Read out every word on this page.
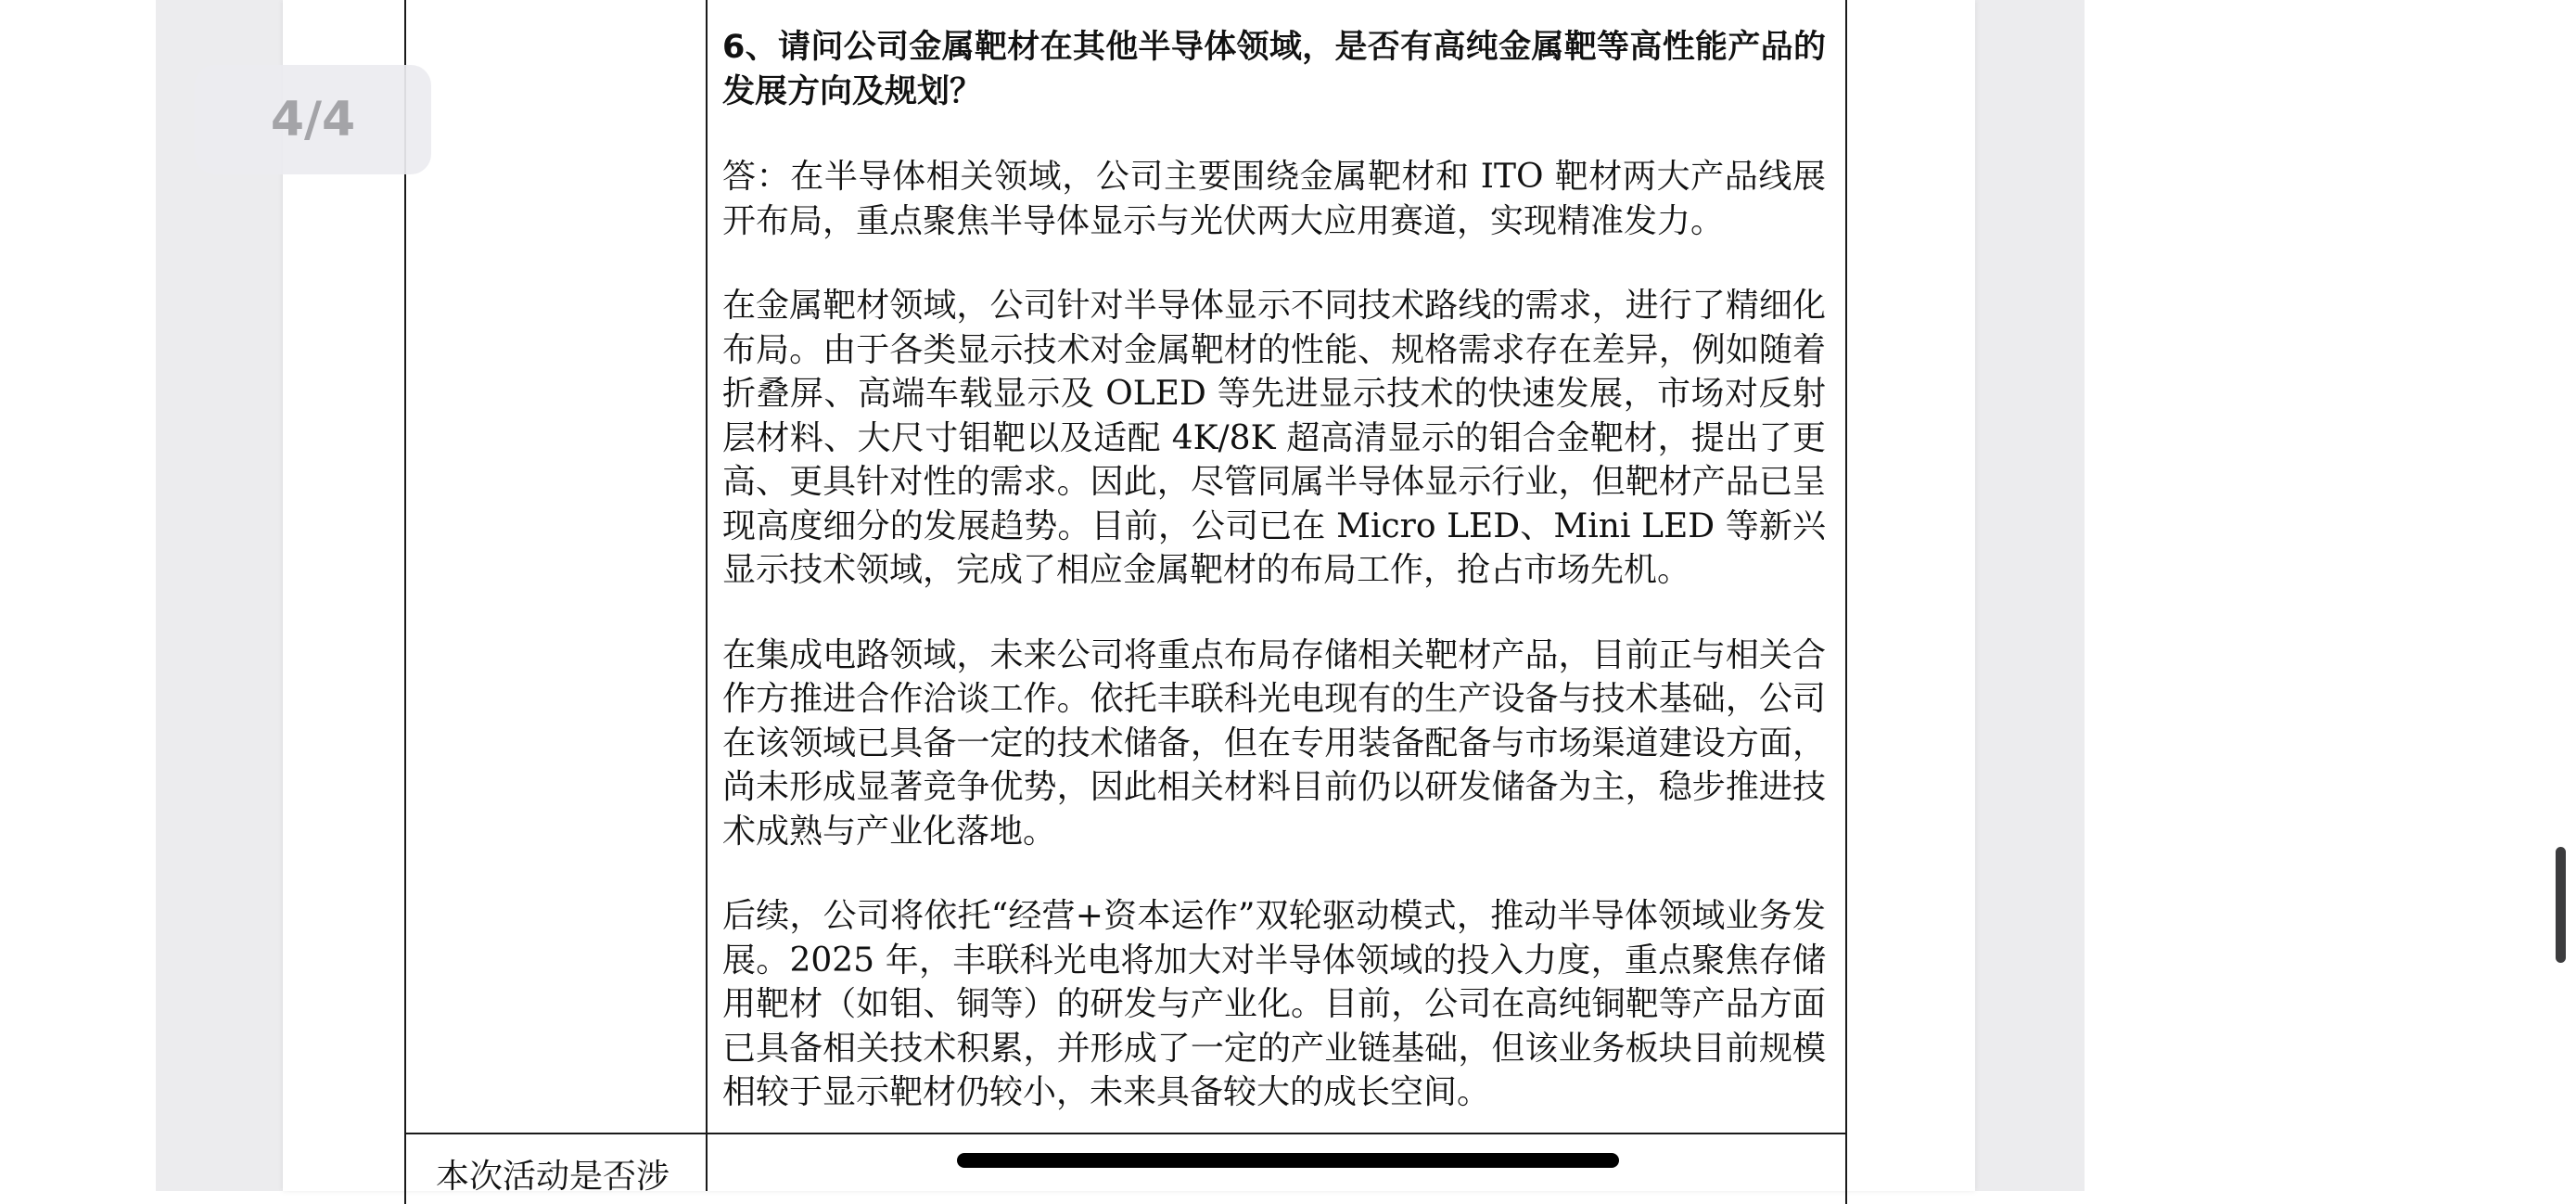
6、请问公司金属靶材在其他半导体领域，是否有高纯金属靶等高性能产品的发展方向及规划？

答：在半导体相关领域，公司主要围绕金属靶材和 ITO 靶材两大产品线展开布局，重点聚焦半导体显示与光伏两大应用赛道，实现精准发力。

在金属靶材领域，公司针对半导体显示不同技术路线的需求，进行了精细化布局。由于各类显示技术对金属靶材的性能、规格需求存在差异，例如随着折叠屏、高端车载显示及 OLED 等先进显示技术的快速发展，市场对反射层材料、大尺寸钼靶以及适配 4K/8K 超高清显示的钼合金靶材，提出了更高、更具针对性的需求。因此，尽管同属半导体显示行业，但靶材产品已呈现高度细分的发展趋势。目前，公司已在 Micro LED、Mini LED 等新兴显示技术领域，完成了相应金属靶材的布局工作，抢占市场先机。

在集成电路领域，未来公司将重点布局存储相关靶材产品，目前正与相关合作方推进合作洽谈工作。依托丰联科光电现有的生产设备与技术基础，公司在该领域已具备一定的技术储备，但在专用装备配备与市场渠道建设方面，尚未形成显著竞争优势，因此相关材料目前仍以研发储备为主，稳步推进技术成熟与产业化落地。

后续，公司将依托“经营+资本运作”双轮驱动模式，推动半导体领域业务发展。2025 年，丰联科光电将加大对半导体领域的投入力度，重点聚焦存储用靶材（如钼、铜等）的研发与产业化。目前，公司在高纯铜靶等产品方面已具备相关技术积累，并形成了一定的产业链基础，但该业务板块目前规模相较于显示靶材仍较小，未来具备较大的成长空间。

本次活动是否涉
4/4
